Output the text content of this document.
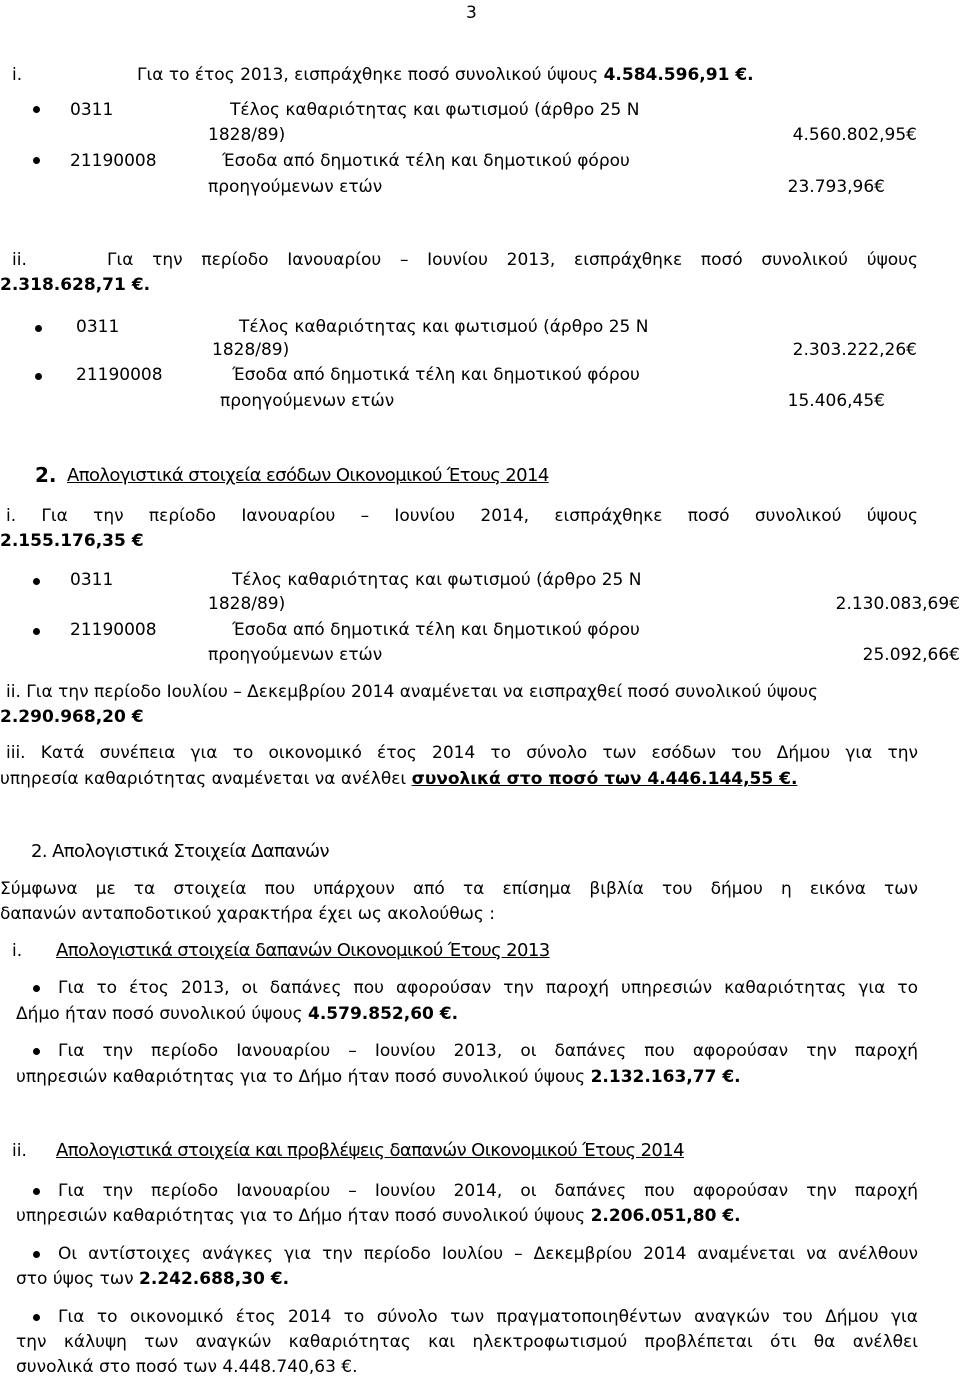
3
i.	Για το έτος 2013, εισπράχθηκε ποσό συνολικού ύψους 4.584.596,91 €.
0311	Τέλος καθαριότητας και φωτισμού (άρθρο 25 Ν
1828/89)	4.560.802,95€
21190008	Έσοδα από δημοτικά τέλη και δημοτικού φόρου
προηγούμενων ετών	23.793,96€
ii.	Για την περίοδο Ιανουαρίου – Ιουνίου 2013, εισπράχθηκε ποσό συνολικού ύψους
2.318.628,71 €.
0311	Τέλος καθαριότητας και φωτισμού (άρθρο 25 Ν
1828/89)	2.303.222,26€
21190008	Έσοδα από δημοτικά τέλη και δημοτικού φόρου
προηγούμενων ετών	15.406,45€
2. Απολογιστικά στοιχεία εσόδων Οικονομικού Έτους 2014
i. Για την περίοδο Ιανουαρίου – Ιουνίου 2014, εισπράχθηκε ποσό συνολικού ύψους
2.155.176,35 €
0311	Τέλος καθαριότητας και φωτισμού (άρθρο 25 Ν
1828/89)	2.130.083,69€
21190008	Έσοδα από δημοτικά τέλη και δημοτικού φόρου
προηγούμενων ετών	25.092,66€
ii. Για την περίοδο Ιουλίου – Δεκεμβρίου 2014 αναμένεται να εισπραχθεί ποσό συνολικού ύψους
2.290.968,20 €
iii. Κατά συνέπεια για το οικονομικό έτος 2014 το σύνολο των εσόδων του Δήμου για την
υπηρεσία καθαριότητας αναμένεται να ανέλθει συνολικά στο ποσό των 4.446.144,55 €.
2. Απολογιστικά Στοιχεία Δαπανών
Σύμφωνα με τα στοιχεία που υπάρχουν από τα επίσημα βιβλία του δήμου η εικόνα των
δαπανών ανταποδοτικού χαρακτήρα έχει ως ακολούθως :
i. Απολογιστικά στοιχεία δαπανών Οικονομικού Έτους 2013
Για το έτος 2013, οι δαπάνες που αφορούσαν την παροχή υπηρεσιών καθαριότητας για το
Δήμο ήταν ποσό συνολικού ύψους 4.579.852,60 €.
Για την περίοδο Ιανουαρίου – Ιουνίου 2013, οι δαπάνες που αφορούσαν την παροχή
υπηρεσιών καθαριότητας για το Δήμο ήταν ποσό συνολικού ύψους 2.132.163,77 €.
ii. Απολογιστικά στοιχεία και προβλέψεις δαπανών Οικονομικού Έτους 2014
Για την περίοδο Ιανουαρίου – Ιουνίου 2014, οι δαπάνες που αφορούσαν την παροχή
υπηρεσιών καθαριότητας για το Δήμο ήταν ποσό συνολικού ύψους 2.206.051,80 €.
Οι αντίστοιχες ανάγκες για την περίοδο Ιουλίου – Δεκεμβρίου 2014 αναμένεται να ανέλθουν
στο ύψος των 2.242.688,30 €.
Για το οικονομικό έτος 2014 το σύνολο των πραγματοποιηθέντων αναγκών του Δήμου για
την κάλυψη των αναγκών καθαριότητας και ηλεκτροφωτισμού προβλέπεται ότι θα ανέλθει
συνολικά στο ποσό των 4.448.740,63 €.
